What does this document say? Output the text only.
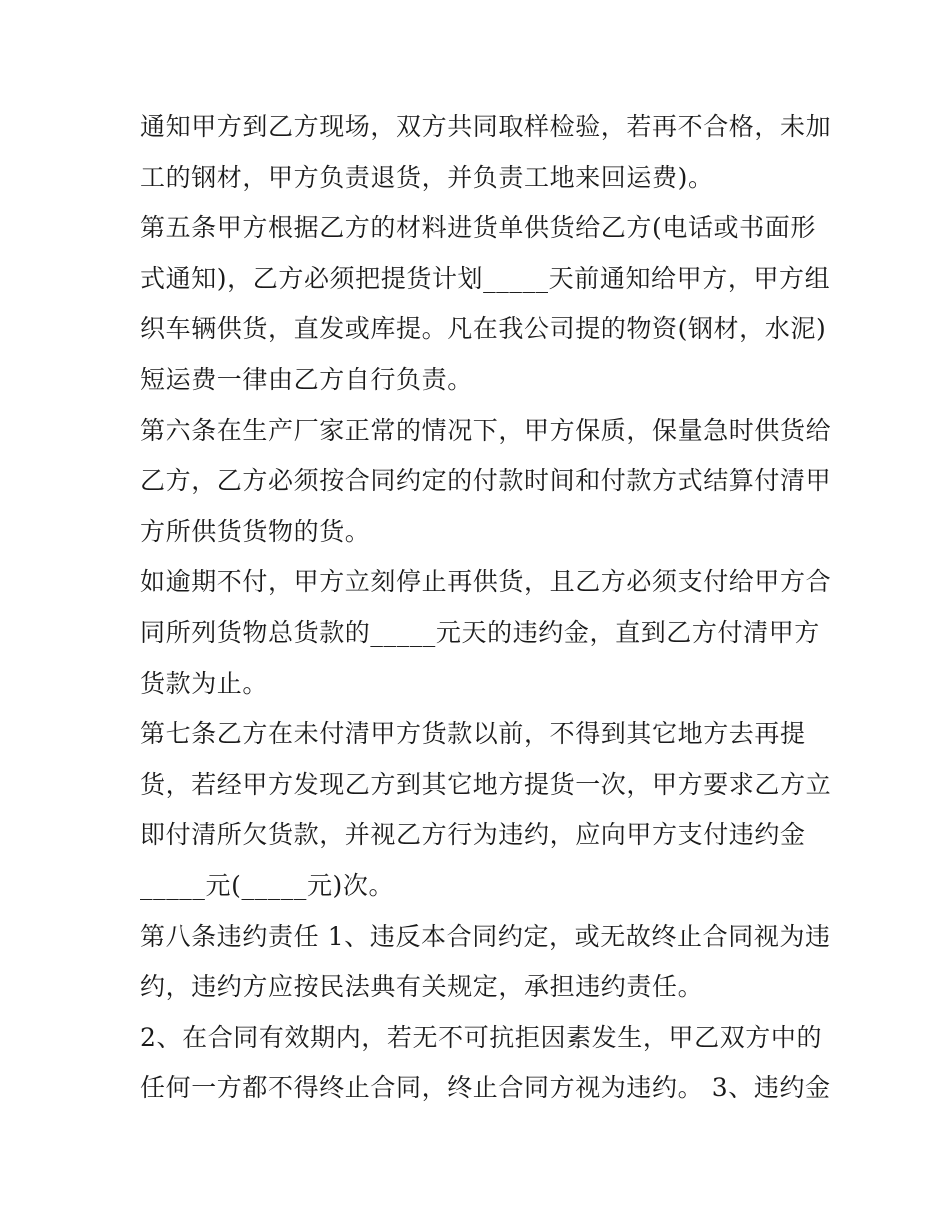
通知甲方到乙方现场，双方共同取样检验，若再不合格，未加
工的钢材，甲方负责退货，并负责工地来回运费)。
第五条甲方根据乙方的材料进货单供货给乙方(电话或书面形
式通知)，乙方必须把提货计划_____天前通知给甲方，甲方组
织车辆供货，直发或库提。凡在我公司提的物资(钢材，水泥)
短运费一律由乙方自行负责。
第六条在生产厂家正常的情况下，甲方保质，保量急时供货给
乙方，乙方必须按合同约定的付款时间和付款方式结算付清甲
方所供货货物的货。
如逾期不付，甲方立刻停止再供货，且乙方必须支付给甲方合
同所列货物总货款的_____元天的违约金，直到乙方付清甲方
货款为止。
第七条乙方在未付清甲方货款以前，不得到其它地方去再提
货，若经甲方发现乙方到其它地方提货一次，甲方要求乙方立
即付清所欠货款，并视乙方行为违约，应向甲方支付违约金
_____元(_____元)次。
第八条违约责任 1、违反本合同约定，或无故终止合同视为违
约，违约方应按民法典有关规定，承担违约责任。
2、在合同有效期内，若无不可抗拒因素发生，甲乙双方中的
任何一方都不得终止合同，终止合同方视为违约。 3、违约金
